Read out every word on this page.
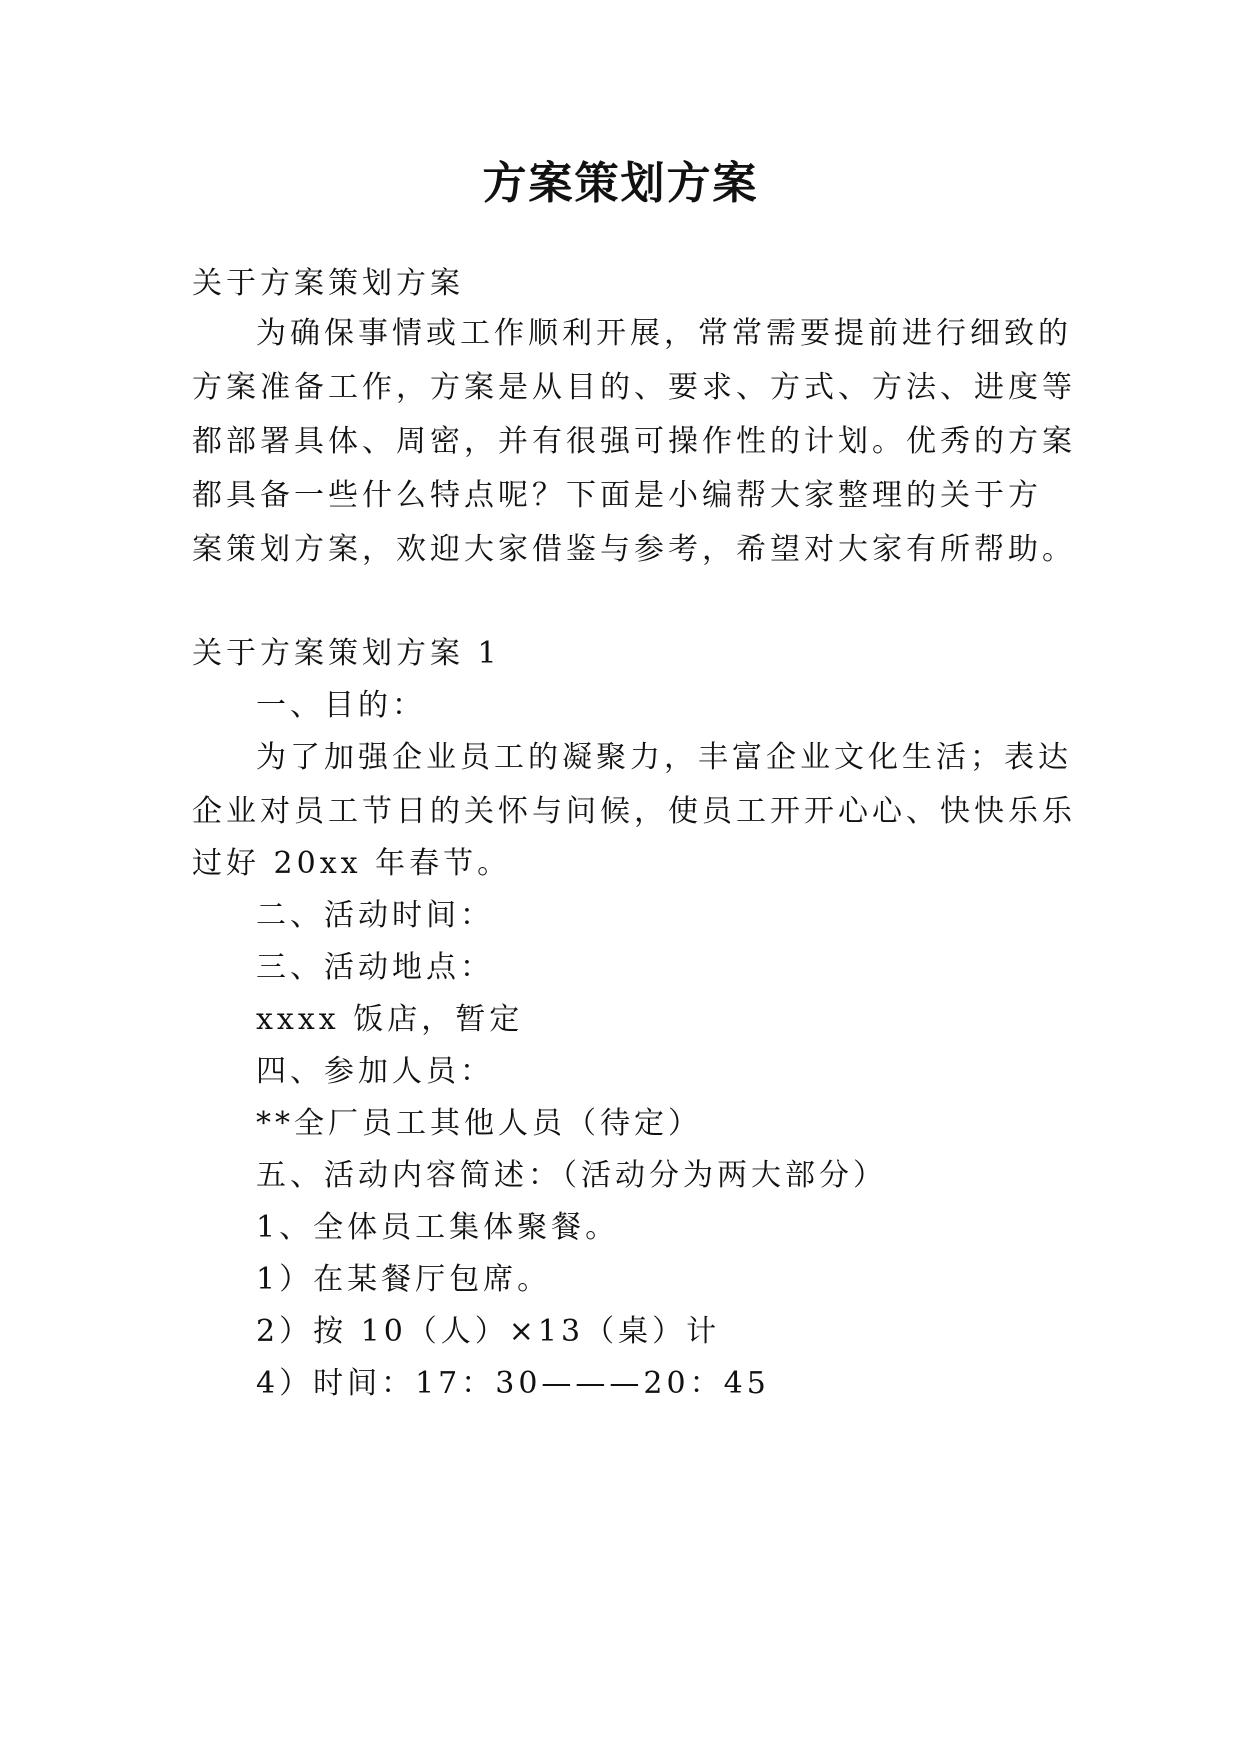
方案策划方案
关于方案策划方案
为确保事情或工作顺利开展，常常需要提前进行细致的
方案准备工作，方案是从目的、要求、方式、方法、进度等
都部署具体、周密，并有很强可操作性的计划。优秀的方案
都具备一些什么特点呢？下面是小编帮大家整理的关于方
案策划方案，欢迎大家借鉴与参考，希望对大家有所帮助。
关于方案策划方案 1
一、目的：
为了加强企业员工的凝聚力，丰富企业文化生活；表达
企业对员工节日的关怀与问候，使员工开开心心、快快乐乐
过好 20xx 年春节。
二、活动时间：
三、活动地点：
xxxx 饭店，暂定
四、参加人员：
**全厂员工其他人员（待定）
五、活动内容简述：（活动分为两大部分）
1、全体员工集体聚餐。
1）在某餐厅包席。
2）按 10（人）×13（桌）计
4）时间：17：30———20：45
